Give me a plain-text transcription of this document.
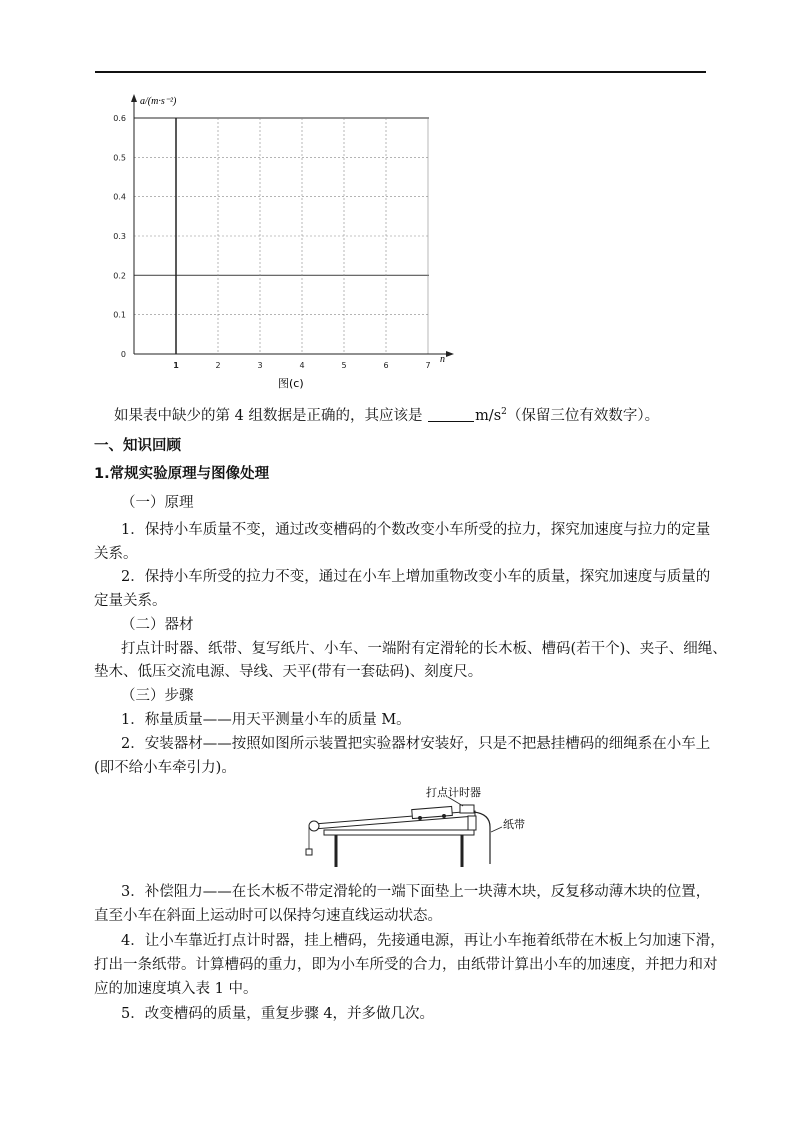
0
0.1
0.2
0.3
0.4
0.5
0.6
1	2	3	4	5	6	7
a/(m·s⁻²)
n
图(c)
如果表中缺少的第 4 组数据是正确的，其应该是	$m/s^2$（保留三位有效数字）。
一、知识回顾
1.常规实验原理与图像处理
（一）原理
1．保持小车质量不变，通过改变槽码的个数改变小车所受的拉力，探究加速度与拉力的定量
关系。
2．保持小车所受的拉力不变，通过在小车上增加重物改变小车的质量，探究加速度与质量的
定量关系。
（二）器材
打点计时器、纸带、复写纸片、小车、一端附有定滑轮的长木板、槽码(若干个)、夹子、细绳、
垫木、低压交流电源、导线、天平(带有一套砝码)、刻度尺。
（三）步骤
1．称量质量——用天平测量小车的质量 M。
2．安装器材——按照如图所示装置把实验器材安装好，只是不把悬挂槽码的细绳系在小车上
(即不给小车牵引力)。
打点计时器
纸带
3．补偿阻力——在长木板不带定滑轮的一端下面垫上一块薄木块，反复移动薄木块的位置，
直至小车在斜面上运动时可以保持匀速直线运动状态。
4．让小车靠近打点计时器，挂上槽码，先接通电源，再让小车拖着纸带在木板上匀加速下滑，
打出一条纸带。计算槽码的重力，即为小车所受的合力，由纸带计算出小车的加速度，并把力和对
应的加速度填入表 1 中。
5．改变槽码的质量，重复步骤 4，并多做几次。
